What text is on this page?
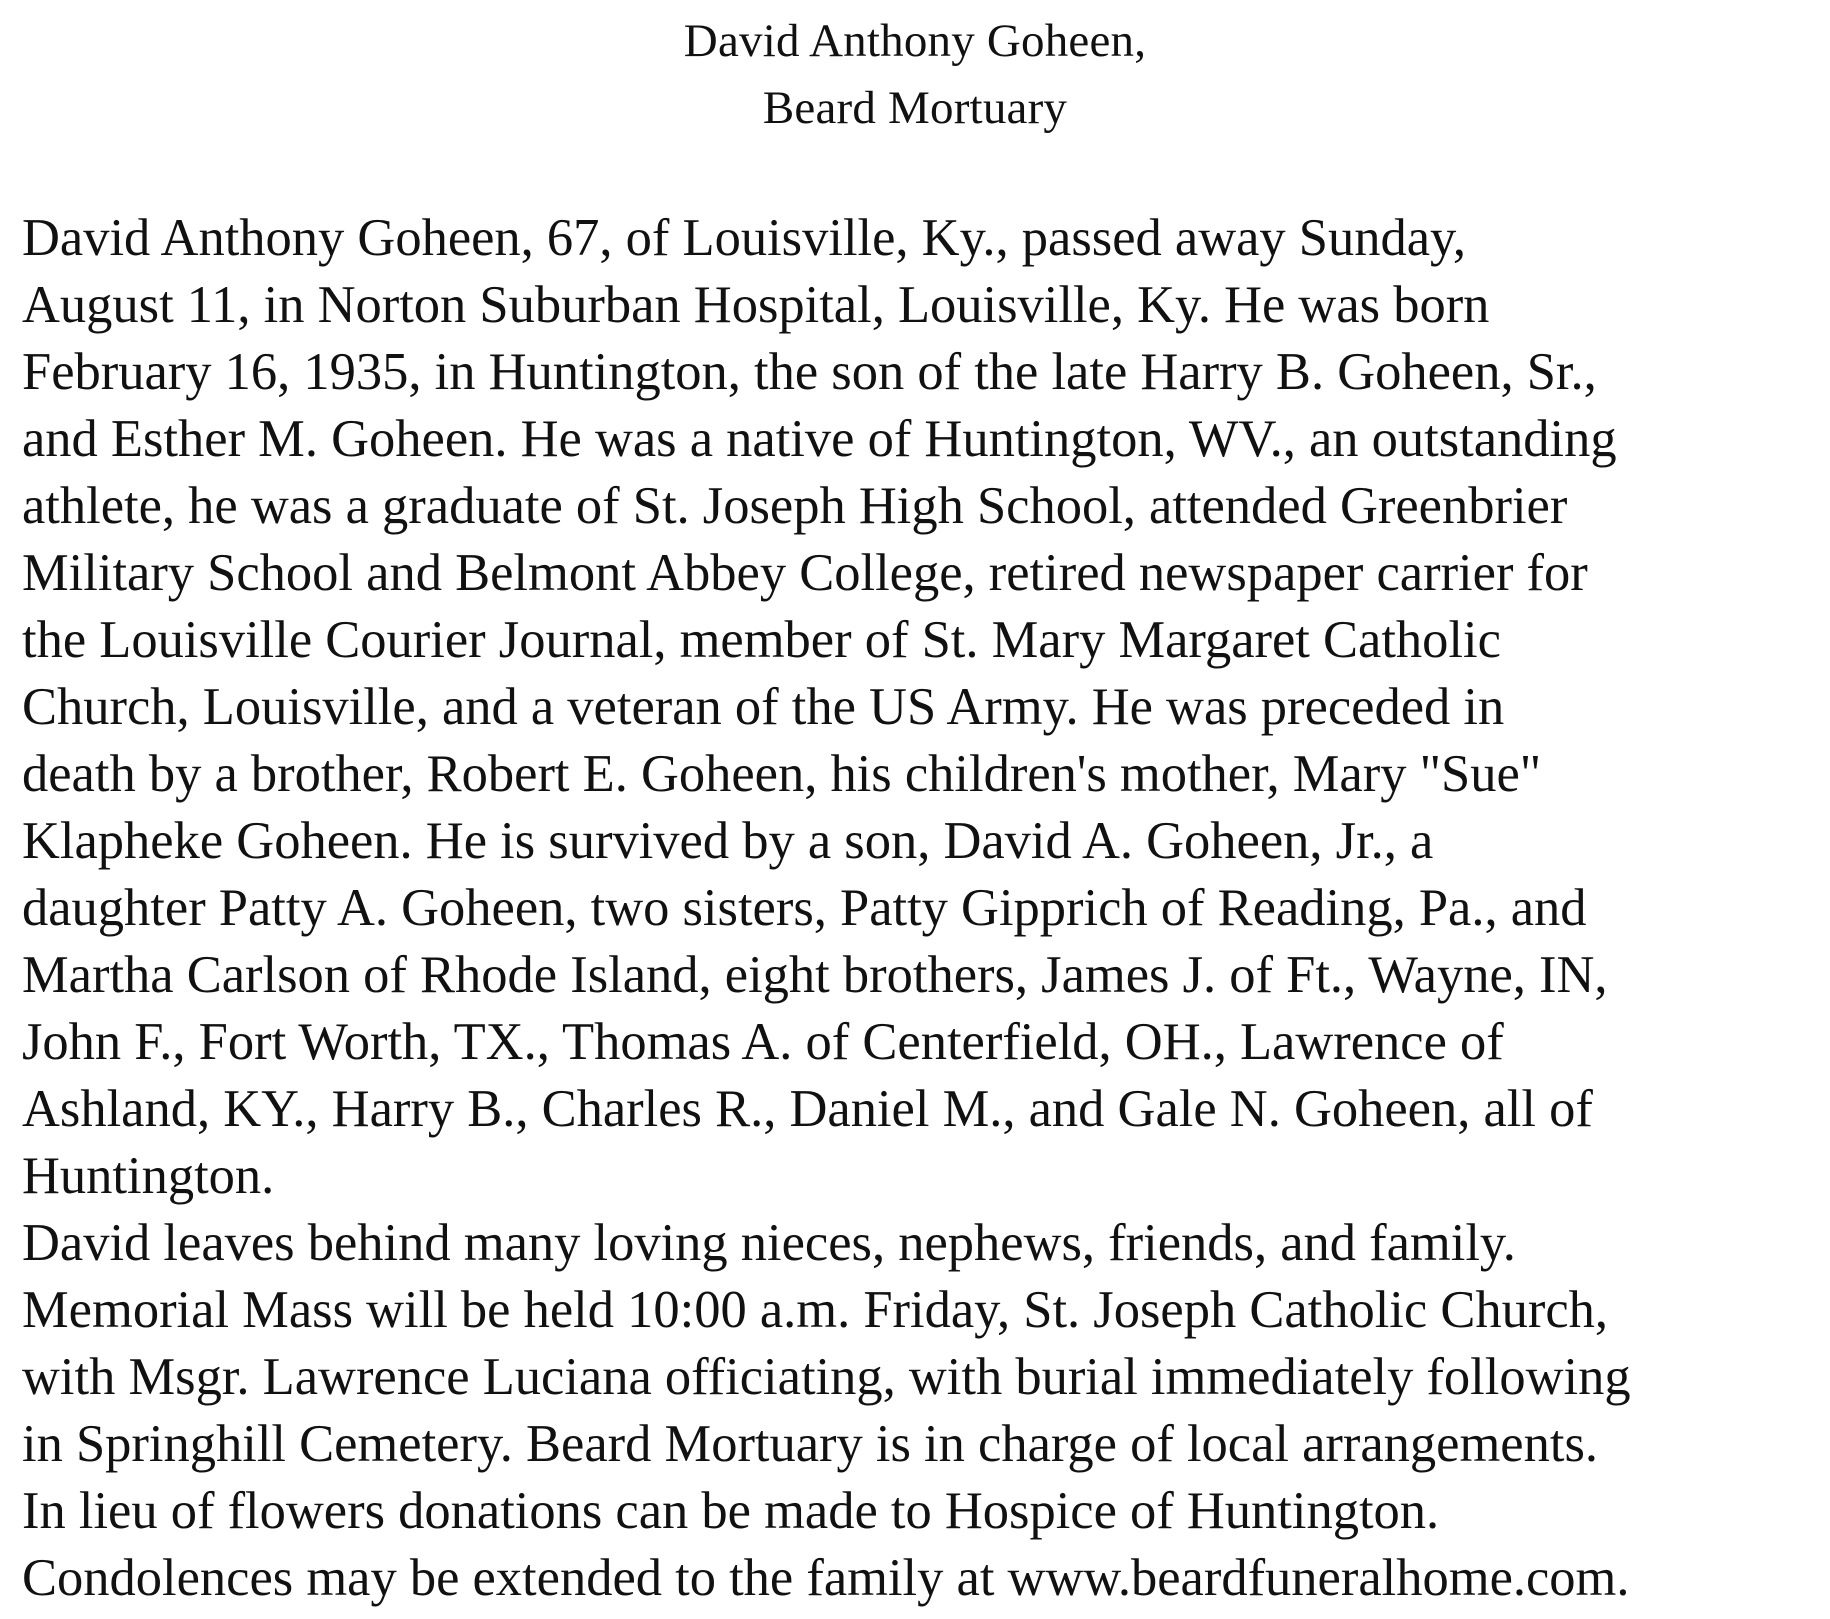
David Anthony Goheen,
Beard Mortuary
David Anthony Goheen, 67, of Louisville, Ky., passed away Sunday,
August 11, in Norton Suburban Hospital, Louisville, Ky. He was born
February 16, 1935, in Huntington, the son of the late Harry B. Goheen, Sr.,
and Esther M. Goheen. He was a native of Huntington, WV., an outstanding
athlete, he was a graduate of St. Joseph High School, attended Greenbrier
Military School and Belmont Abbey College, retired newspaper carrier for
the Louisville Courier Journal, member of St. Mary Margaret Catholic
Church, Louisville, and a veteran of the US Army. He was preceded in
death by a brother, Robert E. Goheen, his children's mother, Mary "Sue"
Klapheke Goheen. He is survived by a son, David A. Goheen, Jr., a
daughter Patty A. Goheen, two sisters, Patty Gipprich of Reading, Pa., and
Martha Carlson of Rhode Island, eight brothers, James J. of Ft., Wayne, IN,
John F., Fort Worth, TX., Thomas A. of Centerfield, OH., Lawrence of
Ashland, KY., Harry B., Charles R., Daniel M., and Gale N. Goheen, all of
Huntington.
David leaves behind many loving nieces, nephews, friends, and family.
Memorial Mass will be held 10:00 a.m. Friday, St. Joseph Catholic Church,
with Msgr. Lawrence Luciana officiating, with burial immediately following
in Springhill Cemetery. Beard Mortuary is in charge of local arrangements.
In lieu of flowers donations can be made to Hospice of Huntington.
Condolences may be extended to the family at www.beardfuneralhome.com.
